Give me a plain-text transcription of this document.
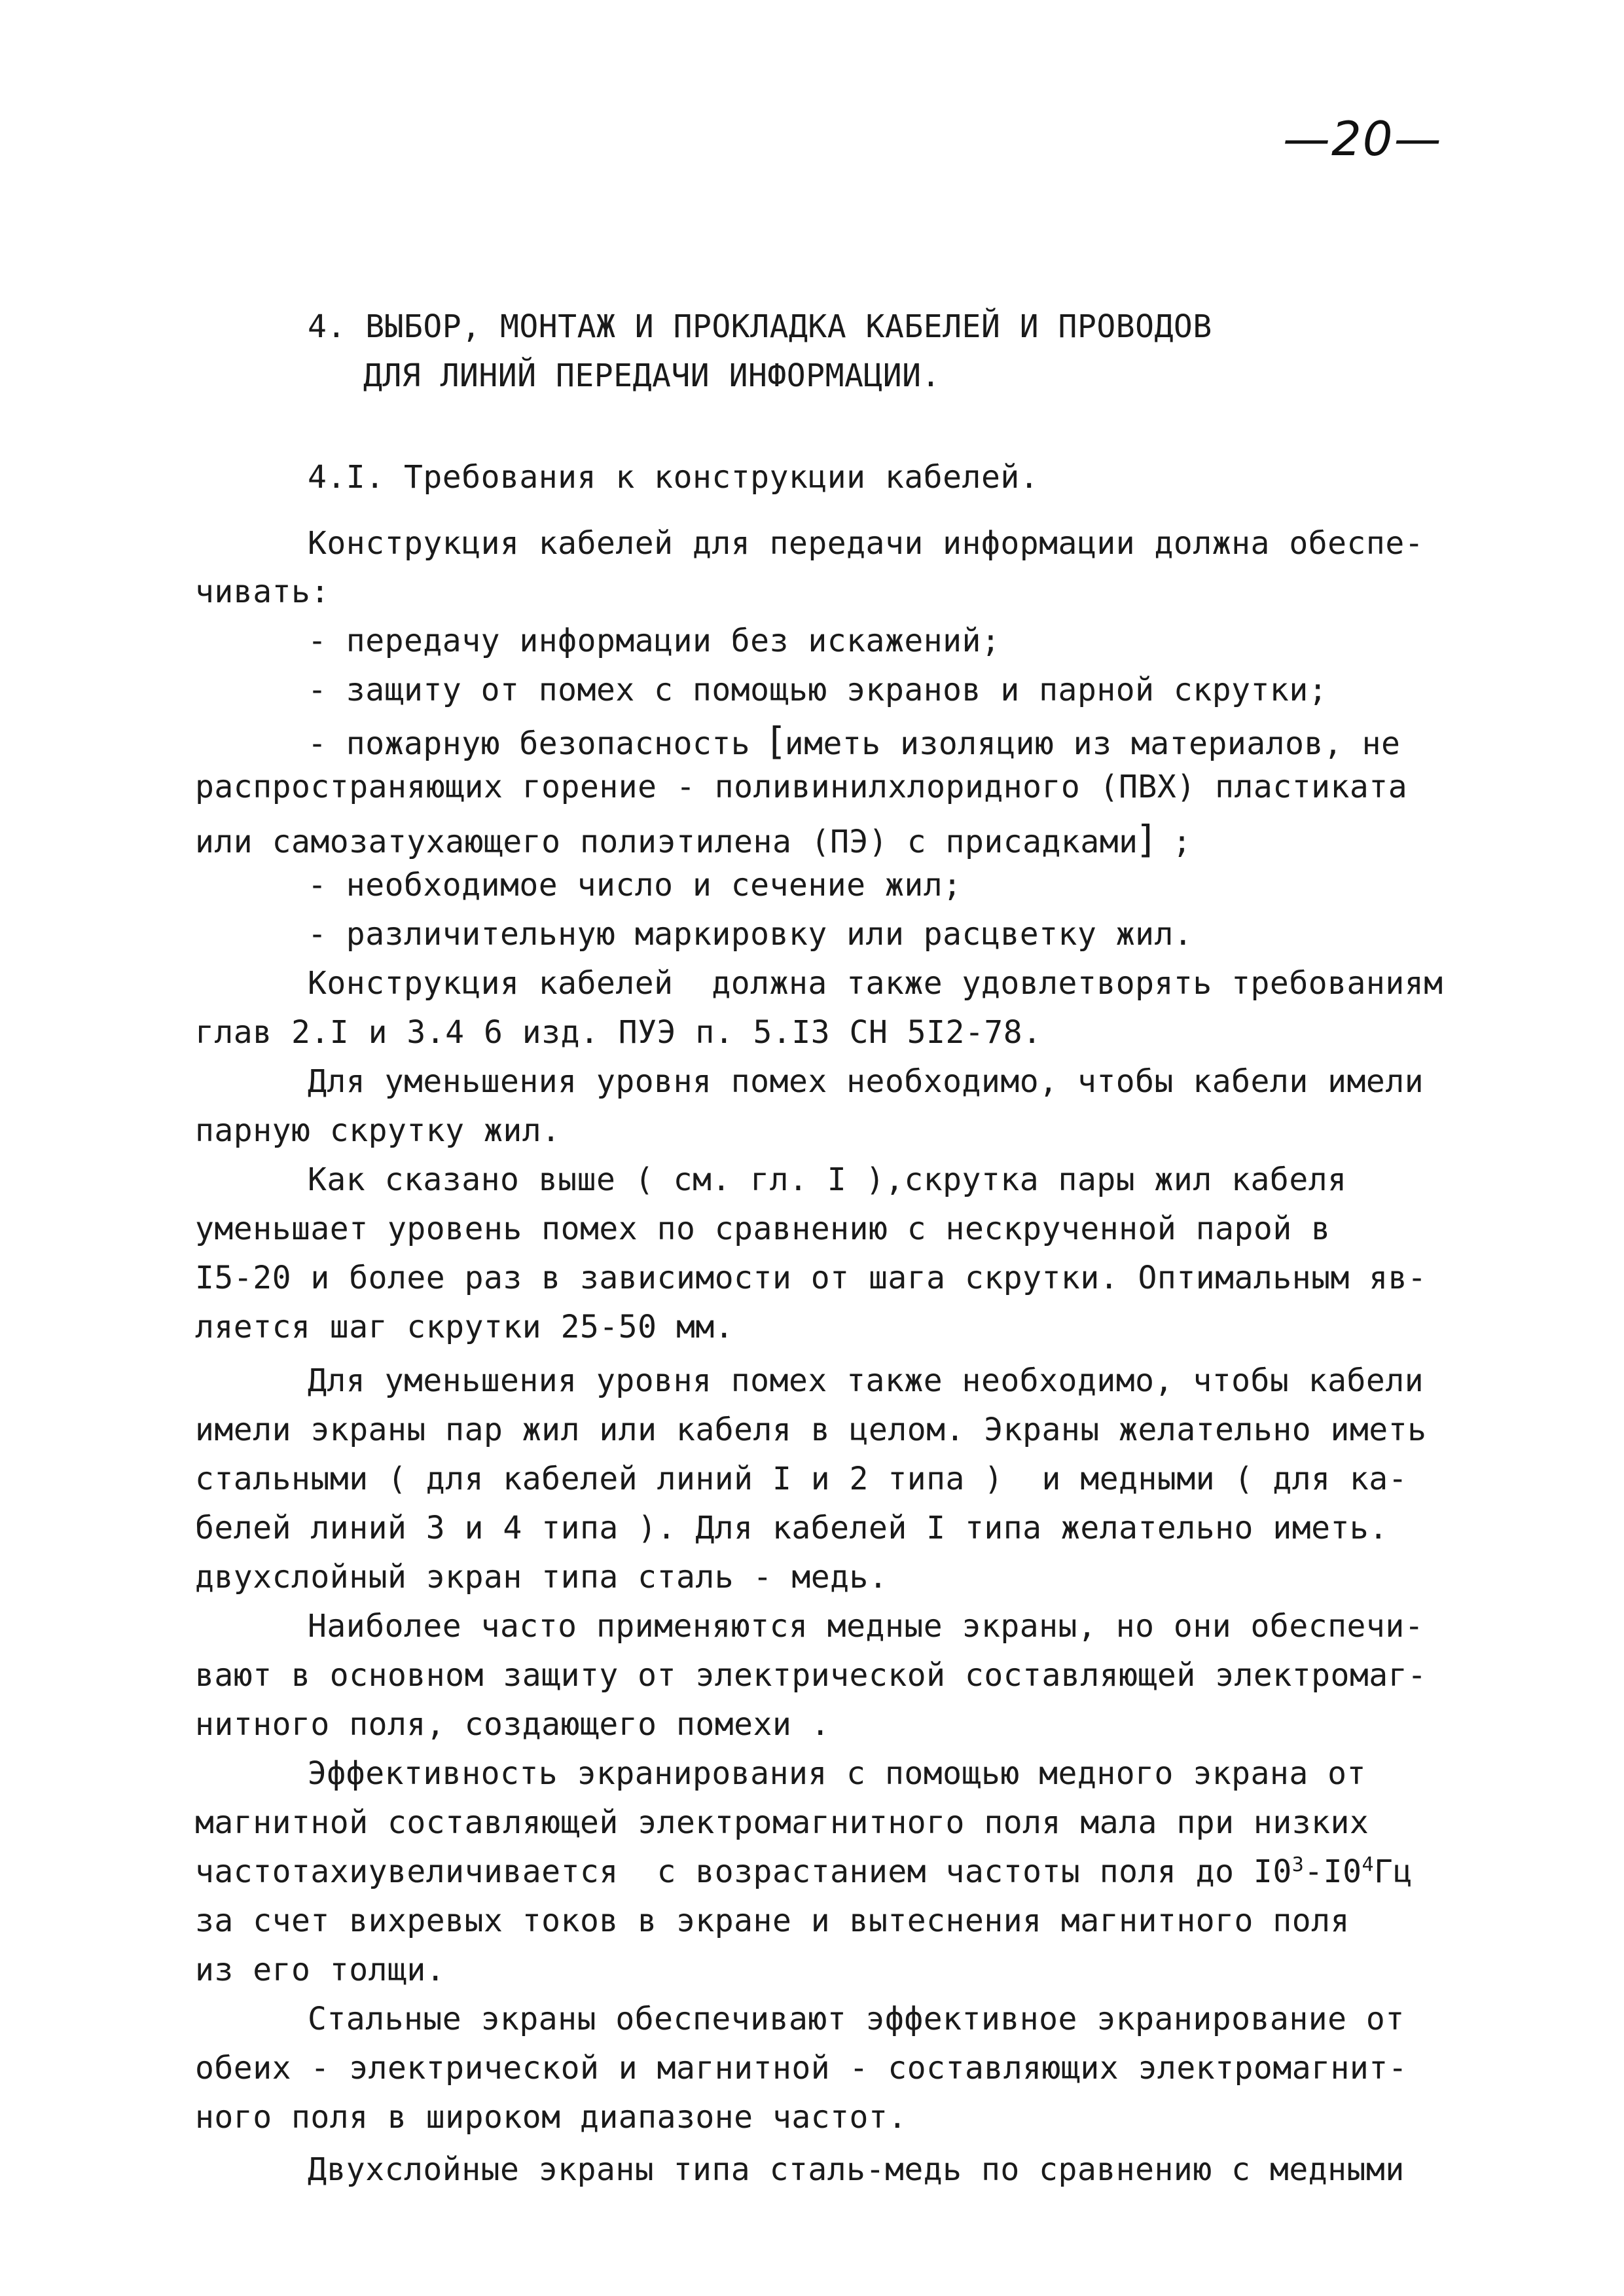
—20—
4. ВЫБОР, МОНТАЖ И ПРОКЛАДКА КАБЕЛЕЙ И ПРОВОДОВ
ДЛЯ ЛИНИЙ ПЕРЕДАЧИ ИНФОРМАЦИИ.
4.I. Требования к конструкции кабелей.
Конструкция кабелей для передачи информации должна обеспе-
чивать:
- передачу информации без искажений;
- защиту от помех с помощью экранов и парной скрутки;
- пожарную безопасность [иметь изоляцию из материалов, не
распространяющих горение - поливинилхлоридного (ПВХ) пластиката
или самозатухающего полиэтилена (ПЭ) с присадками] ;
- необходимое число и сечение жил;
- различительную маркировку или расцветку жил.
Конструкция кабелей  должна также удовлетворять требованиям
глав 2.I и 3.4 6 изд. ПУЭ п. 5.I3 СН 5I2-78.
Для уменьшения уровня помех необходимо, чтобы кабели имели
парную скрутку жил.
Как сказано выше ( см. гл. I ),скрутка пары жил кабеля
уменьшает уровень помех по сравнению с нескрученной парой в
I5-20 и более раз в зависимости от шага скрутки. Оптимальным яв-
ляется шаг скрутки 25-50 мм.
Для уменьшения уровня помех также необходимо, чтобы кабели
имели экраны пар жил или кабеля в целом. Экраны желательно иметь
стальными ( для кабелей линий I и 2 типа )  и медными ( для ка-
белей линий 3 и 4 типа ). Для кабелей I типа желательно иметь.
двухслойный экран типа сталь - медь.
Наиболее часто применяются медные экраны, но они обеспечи-
вают в основном защиту от электрической составляющей электромаг-
нитного поля, создающего помехи .
Эффективность экранирования с помощью медного экрана от
магнитной составляющей электромагнитного поля мала при низких
частотахиувеличивается  с возрастанием частоты поля до $I0^3-I0^4Гц$
за счет вихревых токов в экране и вытеснения магнитного поля
из его толщи.
Стальные экраны обеспечивают эффективное экранирование от
обеих - электрической и магнитной - составляющих электромагнит-
ного поля в широком диапазоне частот.
Двухслойные экраны типа сталь-медь по сравнению с медными
